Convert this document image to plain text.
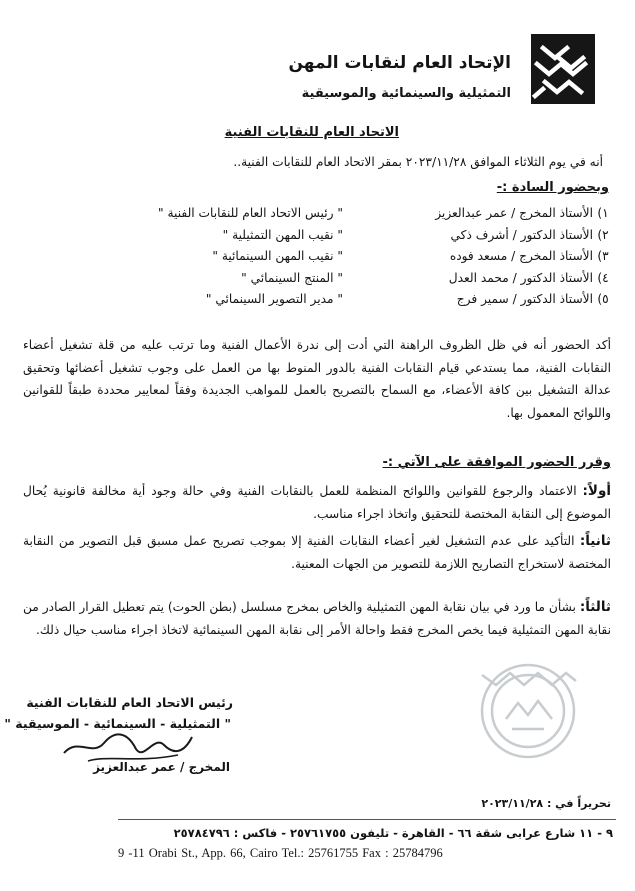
الإتحاد العام لنقابات المهن
التمثيلية والسينمائية والموسيقية
الاتحاد العام للنقابات الفنية
أنه في يوم الثلاثاء الموافق ٢٠٢٣/١١/٢٨ بمقر الاتحاد العام للنقابات الفنية..
وبحضور السادة :-
١)
الأستاذ المخرج / عمر عبدالعزيز
" رئيس الاتحاد العام للنقابات الفنية "
٢)
الأستاذ الدكتور / أشرف ذكي
" نقيب المهن التمثيلية "
٣)
الأستاذ المخرج / مسعد فوده
" نقيب المهن السينمائية "
٤)
الأستاذ الدكتور / محمد العدل
" المنتج السينمائي "
٥)
الأستاذ الدكتور / سمير فرج
" مدير التصوير السينمائي "
أكد الحضور أنه في ظل الظروف الراهنة التي أدت إلى ندرة الأعمال الفنية وما ترتب عليه من قلة تشغيل أعضاء النقابات الفنية، مما يستدعي قيام النقابات الفنية بالدور المنوط بها من العمل على وجوب تشغيل أعضائها وتحقيق عدالة التشغيل بين كافة الأعضاء، مع السماح بالتصريح بالعمل للمواهب الجديدة وفقاً لمعايير محددة طبقاً للقوانين واللوائح المعمول بها.
وقرر الحضور الموافقة على الآتي :-
أولاً: الاعتماد والرجوع للقوانين واللوائح المنظمة للعمل بالنقابات الفنية وفي حالة وجود أية مخالفة قانونية يُحال الموضوع إلى النقابة المختصة للتحقيق واتخاذ اجراء مناسب.
ثانياً: التأكيد على عدم التشغيل لغير أعضاء النقابات الفنية إلا بموجب تصريح عمل مسبق قبل التصوير من النقابة المختصة لاستخراج التصاريح اللازمة للتصوير من الجهات المعنية.
ثالثاً: بشأن ما ورد في بيان نقابة المهن التمثيلية والخاص بمخرج مسلسل (بطن الحوت) يتم تعطيل القرار الصادر من نقابة المهن التمثيلية فيما يخص المخرج فقط واحالة الأمر إلى نقابة المهن السينمائية لاتخاذ اجراء مناسب حيال ذلك.
رئيس الاتحاد العام للنقابات الفنية
" التمثيلية - السينمائية - الموسيقية "
المخرج / عمر عبدالعزيز
تحريراً في : ٢٠٢٣/١١/٢٨
٩ - ١١ شارع عرابى شقة ٦٦ - القاهرة - تليفون ٢٥٧٦١٧٥٥ - فاكس : ٢٥٧٨٤٧٩٦
9 -11 Orabi St., App. 66, Cairo Tel.: 25761755 Fax : 25784796
